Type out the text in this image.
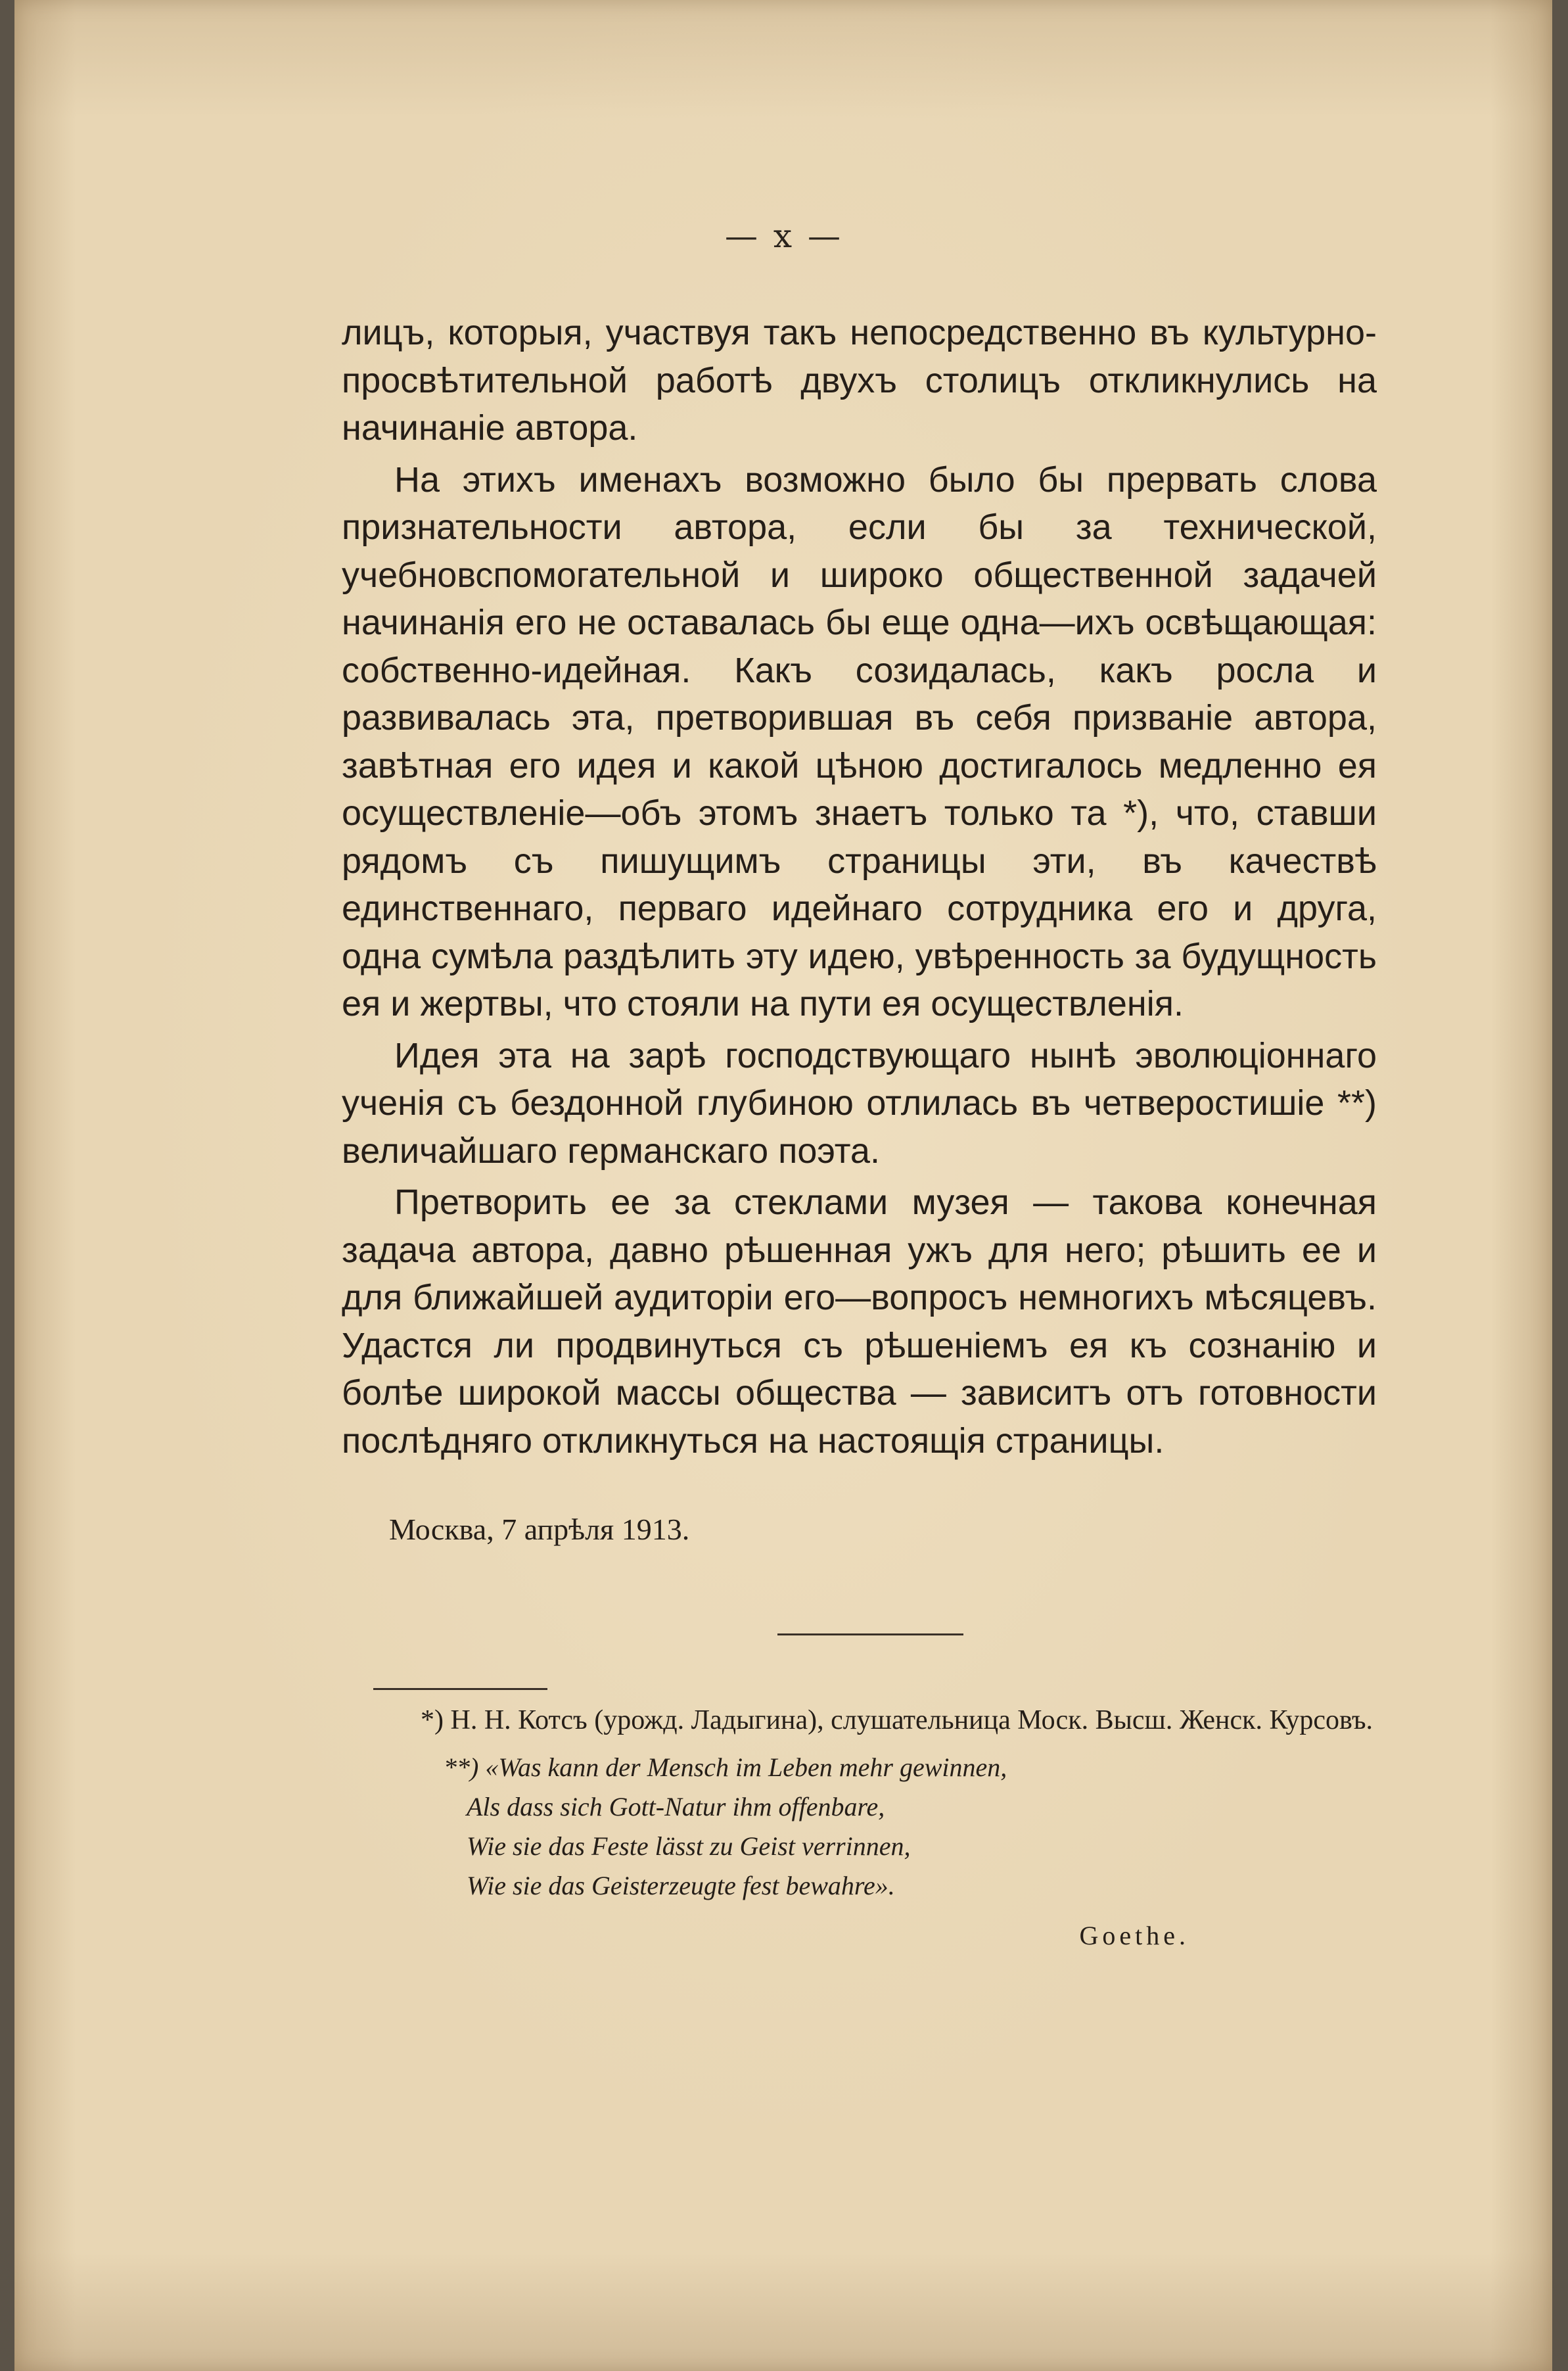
— x —

лицъ, которыя, участвуя такъ непосредственно въ культурно-просвѣтительной работѣ двухъ столицъ откликнулись на начинаніе автора.

На этихъ именахъ возможно было бы прервать слова признательности автора, если бы за технической, учебновспомогательной и широко общественной задачей начинанія его не оставалась бы еще одна—ихъ освѣщающая: собственно-идейная. Какъ созидалась, какъ росла и развивалась эта, претворившая въ себя призваніе автора, завѣтная его идея и какой цѣною достигалось медленно ея осуществленіе—объ этомъ знаетъ только та *), что, ставши рядомъ съ пишущимъ страницы эти, въ качествѣ единственнаго, перваго идейнаго сотрудника его и друга, одна сумѣла раздѣлить эту идею, увѣренность за будущность ея и жертвы, что стояли на пути ея осуществленія.

Идея эта на зарѣ господствующаго нынѣ эволюціоннаго ученія съ бездонной глубиною отлилась въ четверостишіе **) величайшаго германскаго поэта.

Претворить ее за стеклами музея — такова конечная задача автора, давно рѣшенная ужъ для него; рѣшить ее и для ближайшей аудиторіи его—вопросъ немногихъ мѣсяцевъ. Удастся ли продвинуться съ рѣшеніемъ ея къ сознанію и болѣе широкой массы общества — зависитъ отъ готовности послѣдняго откликнуться на настоящія страницы.

Москва, 7 апрѣля 1913.

*) Н. Н. Котсъ (урожд. Ладыгина), слушательница Моск. Высш. Женск. Курсовъ.

**) «Was kann der Mensch im Leben mehr gewinnen,
Als dass sich Gott-Natur ihm offenbare,
Wie sie das Feste lässt zu Geist verrinnen,
Wie sie das Geisterzeugte fest bewahre».
Goethe.
